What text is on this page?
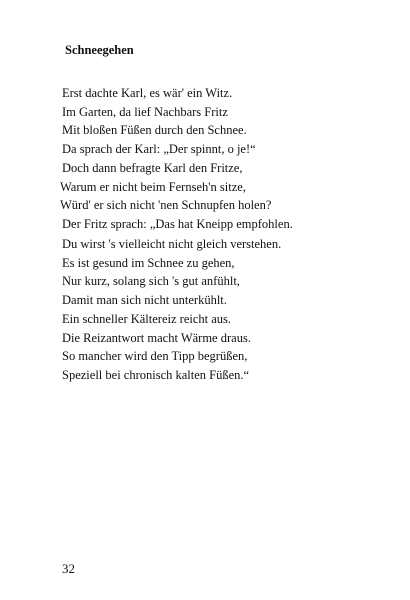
Schneegehen
Erst dachte Karl, es wär' ein Witz.
Im Garten, da lief Nachbars Fritz
Mit bloßen Füßen durch den Schnee.
Da sprach der Karl: „Der spinnt, o je!“
Doch dann befragte Karl den Fritze,
Warum er nicht beim Fernseh'n sitze,
Würd' er sich nicht 'nen Schnupfen holen?
Der Fritz sprach: „Das hat Kneipp empfohlen.
Du wirst 's vielleicht nicht gleich verstehen.
Es ist gesund im Schnee zu gehen,
Nur kurz, solang sich 's gut anfühlt,
Damit man sich nicht unterkühlt.
Ein schneller Kältereiz reicht aus.
Die Reizantwort macht Wärme draus.
So mancher wird den Tipp begrüßen,
Speziell bei chronisch kalten Füßen.“
32
